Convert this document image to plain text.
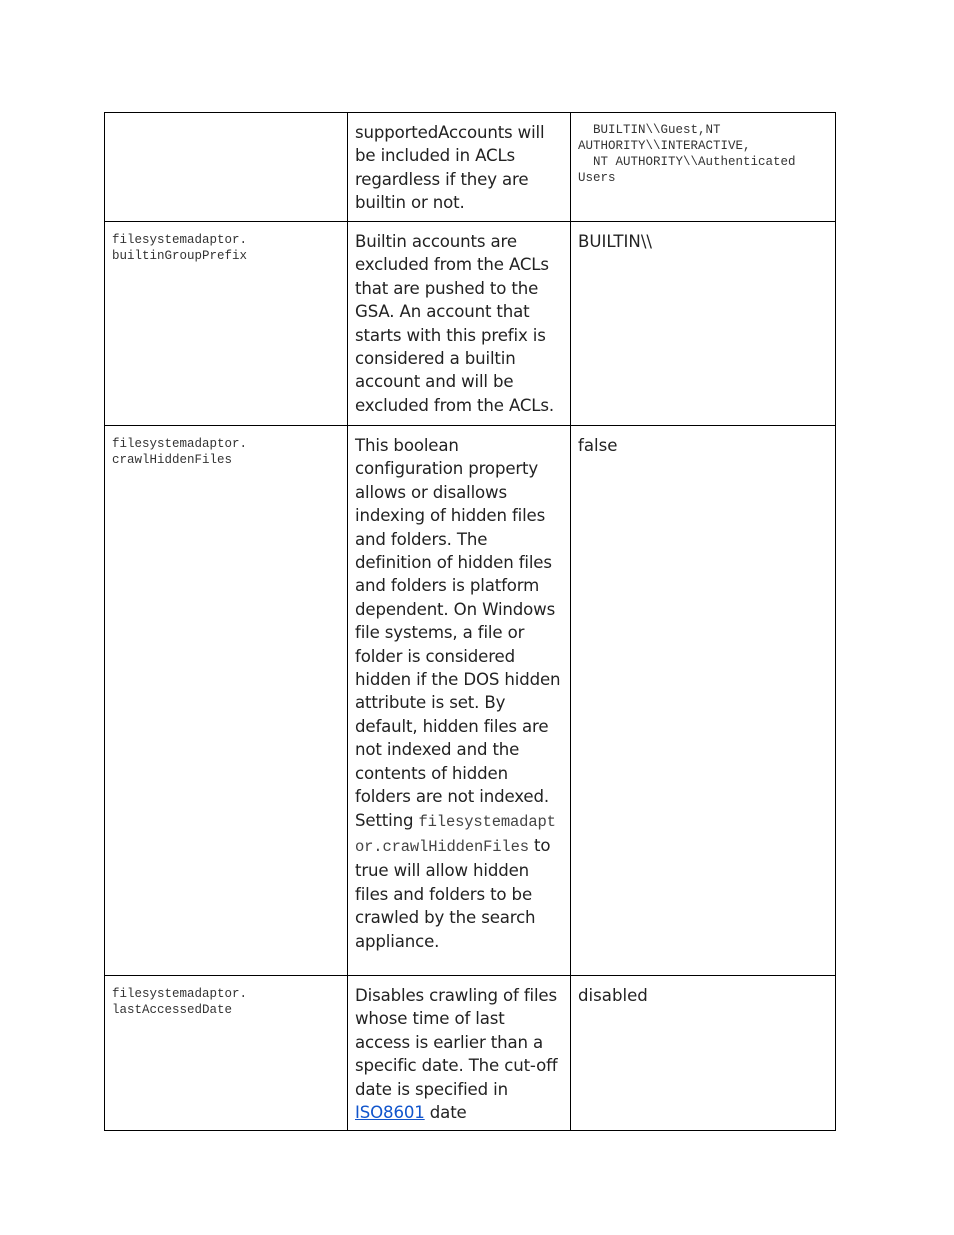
	supportedAccounts will be included in ACLs regardless if they are builtin or not.	BUILTIN\\Guest,NT
AUTHORITY\\INTERACTIVE,
NT AUTHORITY\\Authenticated
Users

filesystemadaptor.
builtinGroupPrefix	Builtin accounts are excluded from the ACLs that are pushed to the GSA. An account that starts with this prefix is considered a builtin account and will be excluded from the ACLs.	BUILTIN\\

filesystemadaptor.
crawlHiddenFiles	This boolean configuration property allows or disallows indexing of hidden files and folders. The definition of hidden files and folders is platform dependent. On Windows file systems, a file or folder is considered hidden if the DOS hidden attribute is set. By default, hidden files are not indexed and the contents of hidden folders are not indexed. Setting filesystemadaptor.crawlHiddenFiles to true will allow hidden files and folders to be crawled by the search appliance.	false

filesystemadaptor.
lastAccessedDate	Disables crawling of files whose time of last access is earlier than a specific date. The cut-off date is specified in ISO8601 date	disabled
